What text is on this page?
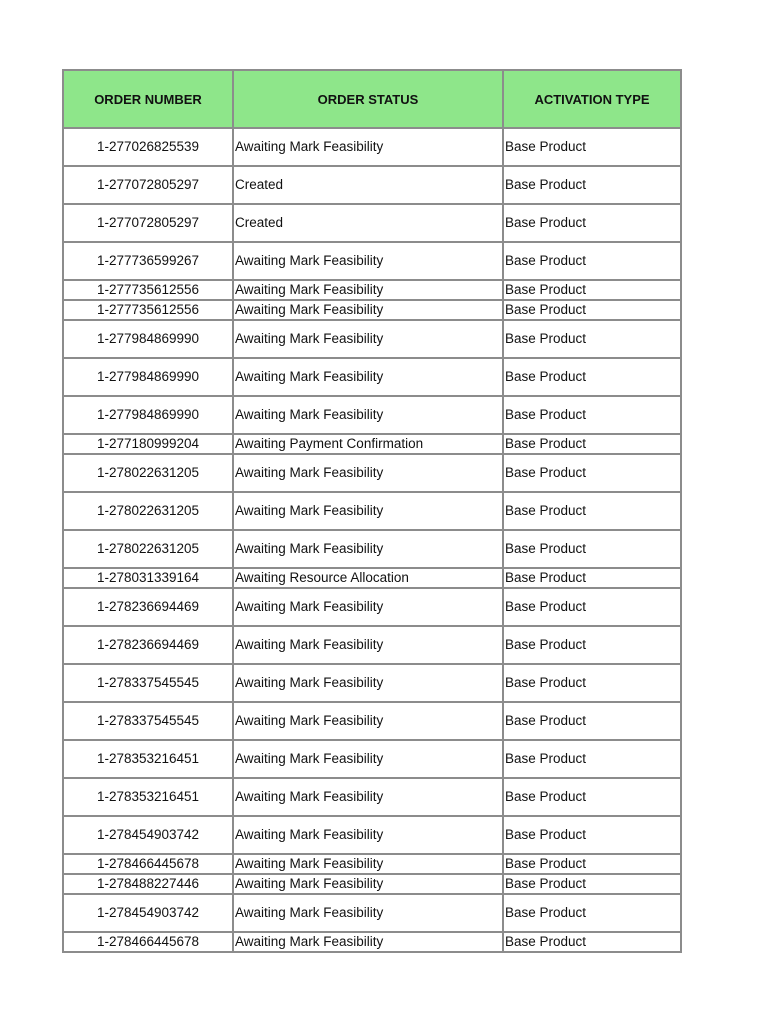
ORDER NUMBER	ORDER STATUS	ACTIVATION TYPE
1-277026825539	Awaiting Mark Feasibility	Base Product
1-277072805297	Created	Base Product
1-277072805297	Created	Base Product
1-277736599267	Awaiting Mark Feasibility	Base Product
1-277735612556	Awaiting Mark Feasibility	Base Product
1-277735612556	Awaiting Mark Feasibility	Base Product
1-277984869990	Awaiting Mark Feasibility	Base Product
1-277984869990	Awaiting Mark Feasibility	Base Product
1-277984869990	Awaiting Mark Feasibility	Base Product
1-277180999204	Awaiting Payment Confirmation	Base Product
1-278022631205	Awaiting Mark Feasibility	Base Product
1-278022631205	Awaiting Mark Feasibility	Base Product
1-278022631205	Awaiting Mark Feasibility	Base Product
1-278031339164	Awaiting Resource Allocation	Base Product
1-278236694469	Awaiting Mark Feasibility	Base Product
1-278236694469	Awaiting Mark Feasibility	Base Product
1-278337545545	Awaiting Mark Feasibility	Base Product
1-278337545545	Awaiting Mark Feasibility	Base Product
1-278353216451	Awaiting Mark Feasibility	Base Product
1-278353216451	Awaiting Mark Feasibility	Base Product
1-278454903742	Awaiting Mark Feasibility	Base Product
1-278466445678	Awaiting Mark Feasibility	Base Product
1-278488227446	Awaiting Mark Feasibility	Base Product
1-278454903742	Awaiting Mark Feasibility	Base Product
1-278466445678	Awaiting Mark Feasibility	Base Product
